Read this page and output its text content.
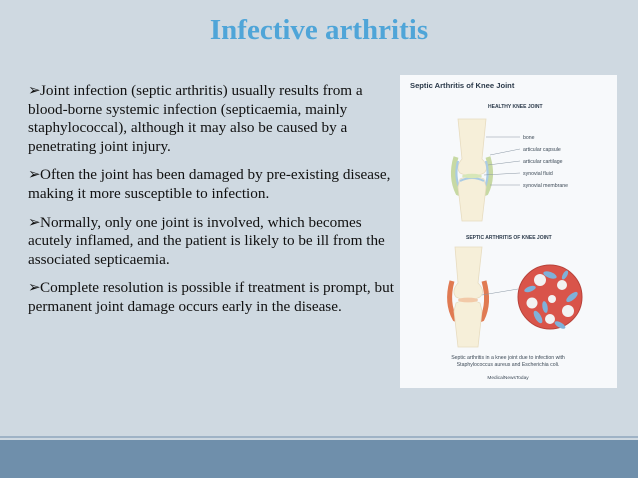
Infective arthritis
➢Joint infection (septic arthritis) usually results from a blood-borne systemic infection (septicaemia, mainly staphylococcal), although it may also be caused by a penetrating joint injury.
➢Often the joint has been damaged by pre-existing disease, making it more susceptible to infection.
➢Normally, only one joint is involved, which becomes acutely inflamed, and the patient is likely to be ill from the associated septicaemia.
➢Complete resolution is possible if treatment is prompt, but permanent joint damage occurs early in the disease.
Septic Arthritis of Knee Joint
HEALTHY KNEE JOINT
bone
articular capsule
articular cartilage
synovial fluid
synovial membrane
SEPTIC ARTHRITIS OF KNEE JOINT
Septic arthritis in a knee joint due to infection with
Staphylococcus aureus and Escherichia coli.
MedicalNewsToday
